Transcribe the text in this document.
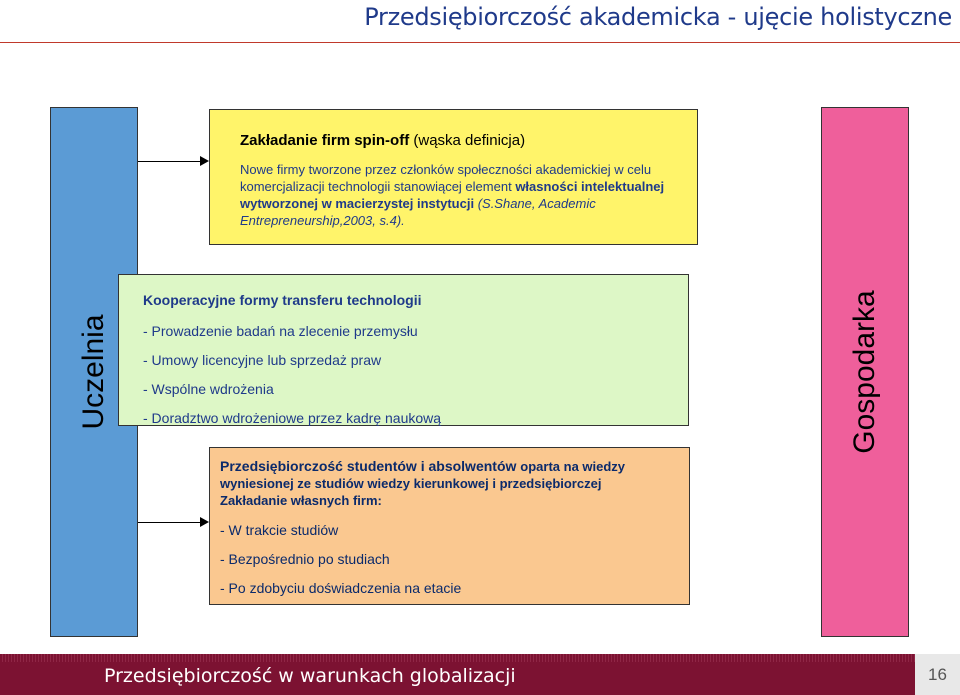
Przedsiębiorczość akademicka - ujęcie holistyczne
Uczelnia	Gospodarka
Zakładanie firm spin-off (wąska definicja)
Nowe firmy tworzone przez członków społeczności akademickiej w celu komercjalizacji technologii stanowiącej element własności intelektualnej wytworzonej w macierzystej instytucji (S.Shane, Academic Entrepreneurship,2003, s.4).
Kooperacyjne formy transferu technologii
- Prowadzenie badań na zlecenie przemysłu
- Umowy licencyjne lub sprzedaż praw
- Wspólne wdrożenia
- Doradztwo wdrożeniowe przez kadrę naukową
Przedsiębiorczość studentów i absolwentów oparta na wiedzy
wyniesionej ze studiów wiedzy kierunkowej i przedsiębiorczej
Zakładanie własnych firm:
- W trakcie studiów
- Bezpośrednio po studiach
- Po zdobyciu doświadczenia na etacie
Przedsiębiorczość w warunkach globalizacji	16
